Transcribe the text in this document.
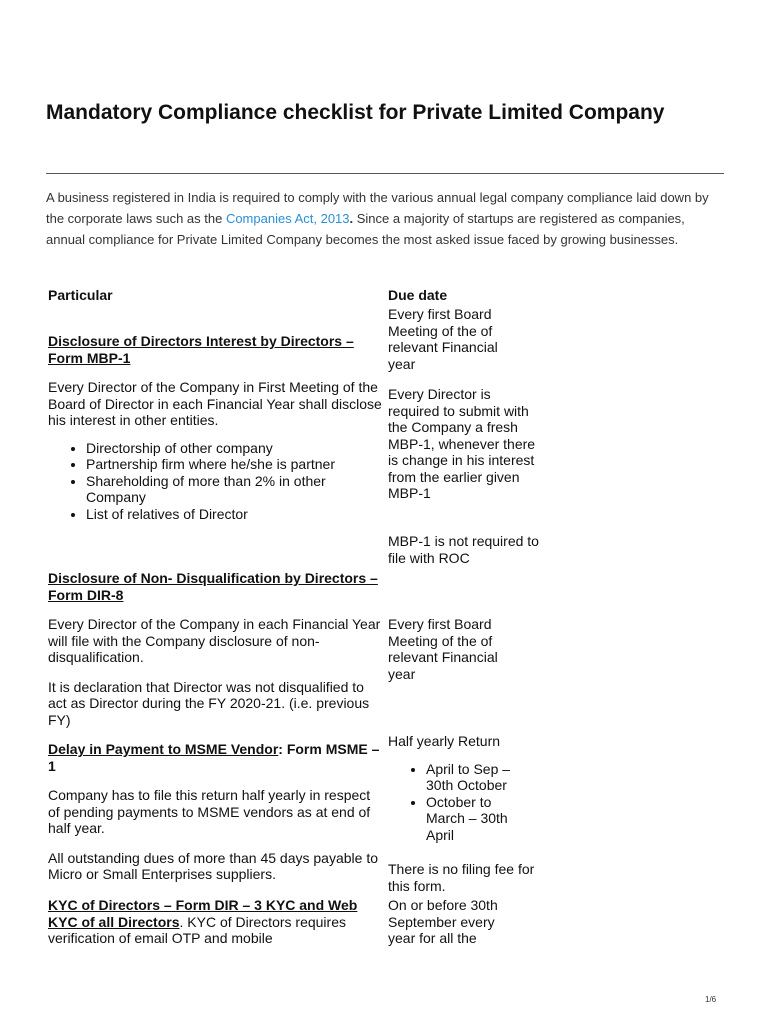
Mandatory Compliance checklist for Private Limited Company

A business registered in India is required to comply with the various annual legal company compliance laid down by the corporate laws such as the Companies Act, 2013. Since a majority of startups are registered as companies, annual compliance for Private Limited Company becomes the most asked issue faced by growing businesses.

Particular	Due date
Disclosure of Directors Interest by Directors – Form MBP-1
Every Director of the Company in First Meeting of the Board of Director in each Financial Year shall disclose his interest in other entities.
• Directorship of other company
• Partnership firm where he/she is partner
• Shareholding of more than 2% in other Company
• List of relatives of Director
Disclosure of Non- Disqualification by Directors – Form DIR-8
Every Director of the Company in each Financial Year will file with the Company disclosure of non-disqualification.
It is declaration that Director was not disqualified to act as Director during the FY 2020-21. (i.e. previous FY)
Delay in Payment to MSME Vendor: Form MSME – 1
Company has to file this return half yearly in respect of pending payments to MSME vendors as at end of half year.
All outstanding dues of more than 45 days payable to Micro or Small Enterprises suppliers.
KYC of Directors – Form DIR – 3 KYC and Web KYC of all Directors. KYC of Directors requires verification of email OTP and mobile
Every first Board Meeting of the of relevant Financial year
Every Director is required to submit with the Company a fresh MBP-1, whenever there is change in his interest from the earlier given MBP-1
MBP-1 is not required to file with ROC
Every first Board Meeting of the of relevant Financial year
Half yearly Return
• April to Sep – 30th October
• October to March – 30th April
There is no filing fee for this form.
On or before 30th September every year for all the
1/6
